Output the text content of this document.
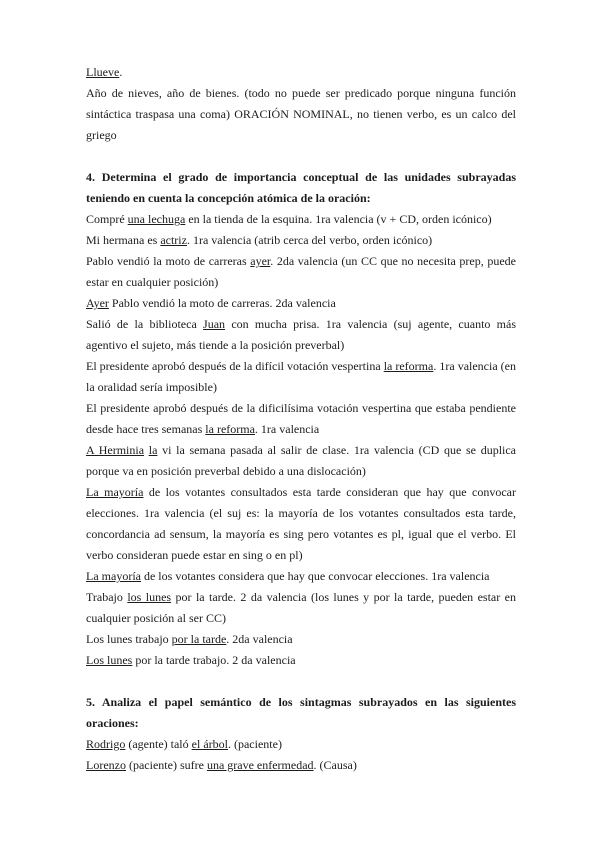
Llueve.

Año de nieves, año de bienes. (todo no puede ser predicado porque ninguna función sintáctica traspasa una coma) ORACIÓN NOMINAL, no tienen verbo, es un calco del griego

4. Determina el grado de importancia conceptual de las unidades subrayadas teniendo en cuenta la concepción atómica de la oración:

Compré una lechuga en la tienda de la esquina. 1ra valencia (v + CD, orden icónico)

Mi hermana es actriz. 1ra valencia (atrib cerca del verbo, orden icónico)

Pablo vendió la moto de carreras ayer. 2da valencia (un CC que no necesita prep, puede estar en cualquier posición)

Ayer Pablo vendió la moto de carreras. 2da valencia

Salió de la biblioteca Juan con mucha prisa. 1ra valencia (suj agente, cuanto más agentivo el sujeto, más tiende a la posición preverbal)

El presidente aprobó después de la difícil votación vespertina la reforma. 1ra valencia (en la oralidad sería imposible)

El presidente aprobó después de la dificilísima votación vespertina que estaba pendiente desde hace tres semanas la reforma. 1ra valencia

A Herminia la vi la semana pasada al salir de clase. 1ra valencia (CD que se duplica porque va en posición preverbal debido a una dislocación)

La mayoría de los votantes consultados esta tarde consideran que hay que convocar elecciones. 1ra valencia (el suj es: la mayoría de los votantes consultados esta tarde, concordancia ad sensum, la mayoría es sing pero votantes es pl, igual que el verbo. El verbo consideran puede estar en sing o en pl)

La mayoría de los votantes considera que hay que convocar elecciones. 1ra valencia

Trabajo los lunes por la tarde. 2 da valencia (los lunes y por la tarde, pueden estar en cualquier posición al ser CC)

Los lunes trabajo por la tarde. 2da valencia

Los lunes por la tarde trabajo. 2 da valencia

5. Analiza el papel semántico de los sintagmas subrayados en las siguientes oraciones:

Rodrigo (agente) taló el árbol. (paciente)

Lorenzo (paciente) sufre una grave enfermedad. (Causa)
